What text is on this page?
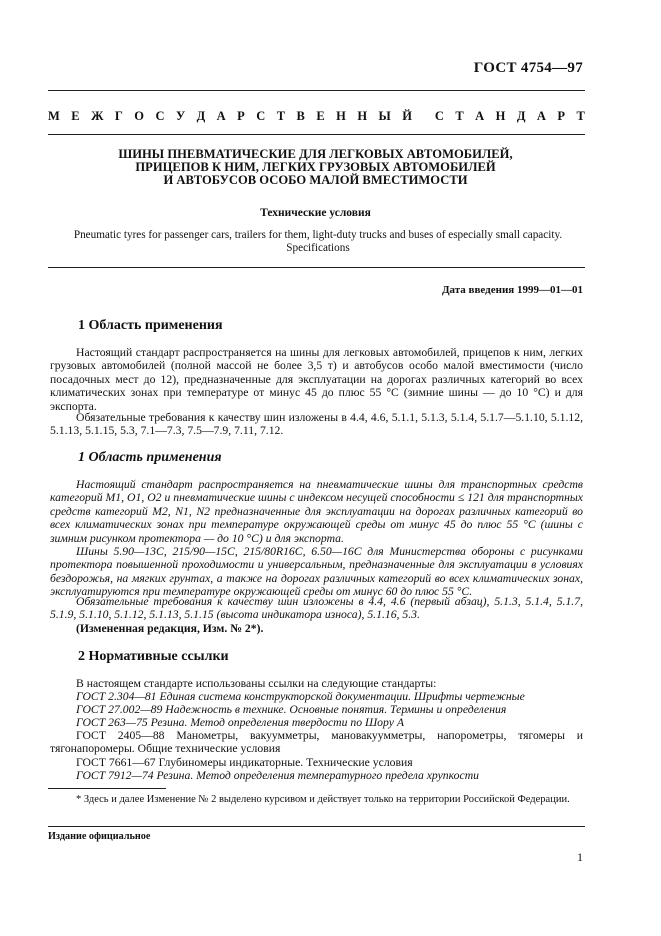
ГОСТ 4754—97
М Е Ж Г О С У Д А Р С Т В Е Н Н Ы Й С Т А Н Д А Р Т
ШИНЫ ПНЕВМАТИЧЕСКИЕ ДЛЯ ЛЕГКОВЫХ АВТОМОБИЛЕЙ,
ПРИЦЕПОВ К НИМ, ЛЕГКИХ ГРУЗОВЫХ АВТОМОБИЛЕЙ
И АВТОБУСОВ ОСОБО МАЛОЙ ВМЕСТИМОСТИ
Технические условия
Pneumatic tyres for passenger cars, trailers for them, light-duty trucks and buses of especially small capacity.
Specifications
Дата введения 1999—01—01
1 Область применения
Настоящий стандарт распространяется на шины для легковых автомобилей, прицепов к ним, легких грузовых автомобилей (полной массой не более 3,5 т) и автобусов особо малой вместимости (число посадочных мест до 12), предназначенные для эксплуатации на дорогах различных категорий во всех климатических зонах при температуре от минус 45 до плюс 55 °С (зимние шины — до 10 °С) и для экспорта.
Обязательные требования к качеству шин изложены в 4.4, 4.6, 5.1.1, 5.1.3, 5.1.4, 5.1.7—5.1.10, 5.1.12, 5.1.13, 5.1.15, 5.3, 7.1—7.3, 7.5—7.9, 7.11, 7.12.
1 Область применения
Настоящий стандарт распространяется на пневматические шины для транспортных средств категорий М1, О1, О2 и пневматические шины с индексом несущей способности ≤ 121 для транспортных средств категорий М2, N1, N2 предназначенные для эксплуатации на дорогах различных категорий во всех климатических зонах при температуре окружающей среды от минус 45 до плюс 55 °С (шины с зимним рисунком протектора — до 10 °С) и для экспорта.
Шины 5.90—13С, 215/90—15С, 215/80R16C, 6.50—16С для Министерства обороны с рисунками протектора повышенной проходимости и универсальным, предназначенные для эксплуатации в условиях бездорожья, на мягких грунтах, а также на дорогах различных категорий во всех климатических зонах, эксплуатируются при температуре окружающей среды от минус 60 до плюс 55 °С.
Обязательные требования к качеству шин изложены в 4.4, 4.6 (первый абзац), 5.1.3, 5.1.4, 5.1.7, 5.1.9, 5.1.10, 5.1.12, 5.1.13, 5.1.15 (высота индикатора износа), 5.1.16, 5.3.
(Измененная редакция, Изм. № 2*).
2 Нормативные ссылки
В настоящем стандарте использованы ссылки на следующие стандарты:
ГОСТ 2.304—81 Единая система конструкторской документации. Шрифты чертежные
ГОСТ 27.002—89 Надежность в технике. Основные понятия. Термины и определения
ГОСТ 263—75 Резина. Метод определения твердости по Шору А
ГОСТ 2405—88 Манометры, вакуумметры, мановакуумметры, напорометры, тягомеры и тягонапоромеры. Общие технические условия
ГОСТ 7661—67 Глубиномеры индикаторные. Технические условия
ГОСТ 7912—74 Резина. Метод определения температурного предела хрупкости
* Здесь и далее Изменение № 2 выделено курсивом и действует только на территории Российской Федерации.
Издание официальное
1
